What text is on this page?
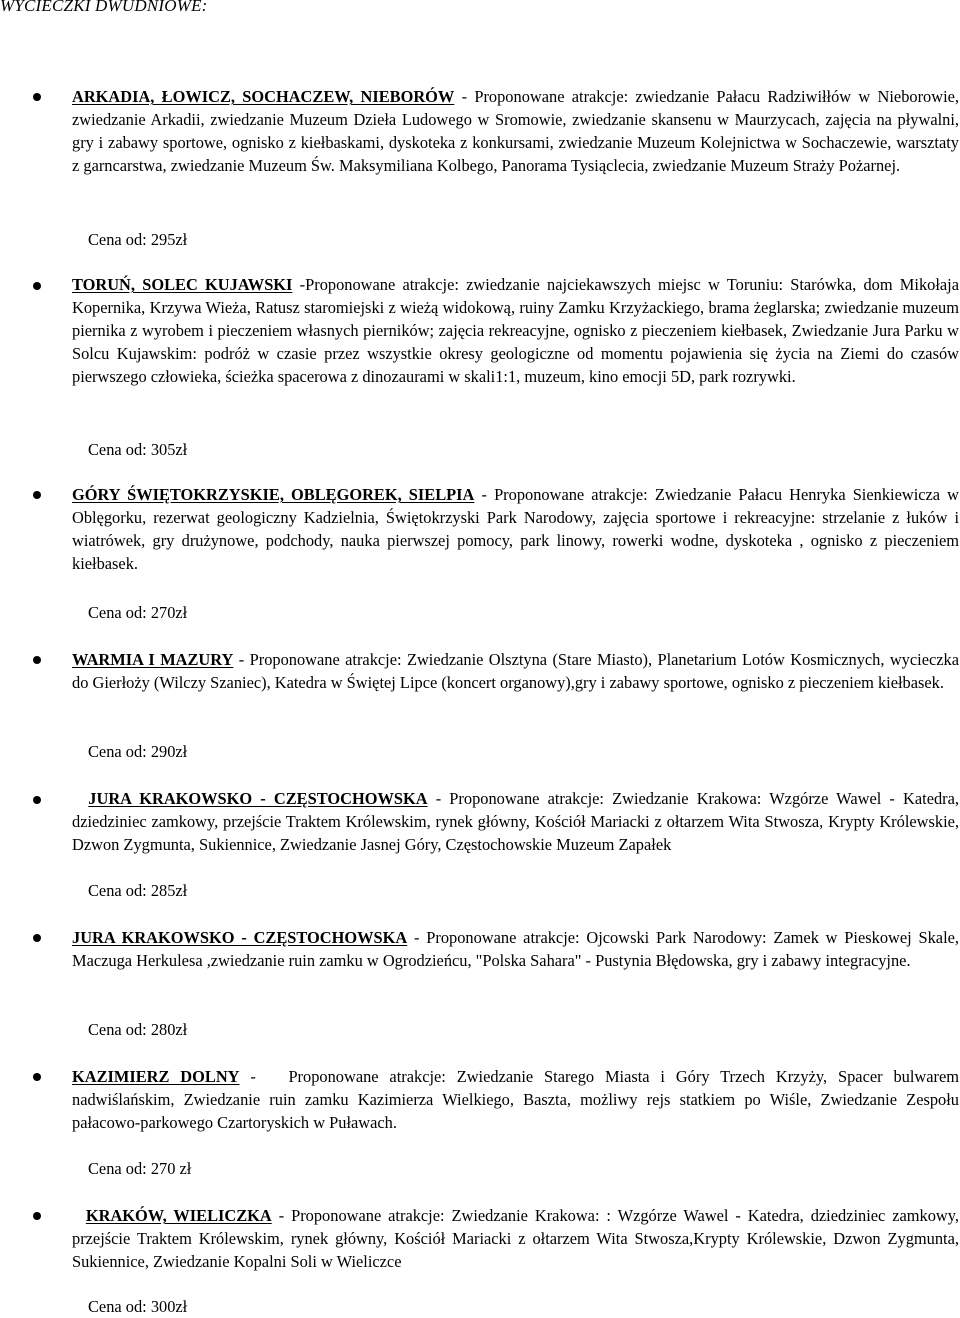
WYCIECZKI DWUDNIOWE:
ARKADIA, ŁOWICZ, SOCHACZEW, NIEBORÓW - Proponowane atrakcje: zwiedzanie Pałacu Radziwiłłów w Nieborowie, zwiedzanie Arkadii, zwiedzanie Muzeum Dzieła Ludowego w Sromowie, zwiedzanie skansenu w Maurzycach, zajęcia na pływalni, gry i zabawy sportowe, ognisko z kiełbaskami, dyskoteka z konkursami, zwiedzanie Muzeum Kolejnictwa w Sochaczewie, warsztaty z garncarstwa, zwiedzanie Muzeum Św. Maksymiliana Kolbego, Panorama Tysiąclecia, zwiedzanie Muzeum Straży Pożarnej.
Cena od: 295zł
TORUŃ, SOLEC KUJAWSKI -Proponowane atrakcje: zwiedzanie najciekawszych miejsc w Toruniu: Starówka, dom Mikołaja Kopernika, Krzywa Wieża, Ratusz staromiejski z wieżą widokową, ruiny Zamku Krzyżackiego, brama żeglarska; zwiedzanie muzeum piernika z wyrobem i pieczeniem własnych pierników; zajęcia rekreacyjne, ognisko z pieczeniem kiełbasek, Zwiedzanie Jura Parku w Solcu Kujawskim: podróż w czasie przez wszystkie okresy geologiczne od momentu pojawienia się życia na Ziemi do czasów pierwszego człowieka, ścieżka spacerowa z dinozaurami w skali1:1, muzeum, kino emocji 5D, park rozrywki.
Cena od: 305zł
GÓRY ŚWIĘTOKRZYSKIE, OBLĘGOREK, SIELPIA - Proponowane atrakcje: Zwiedzanie Pałacu Henryka Sienkiewicza w Oblęgorku, rezerwat geologiczny Kadzielnia, Świętokrzyski Park Narodowy, zajęcia sportowe i rekreacyjne: strzelanie z łuków i wiatrówek, gry drużynowe, podchody, nauka pierwszej pomocy, park linowy, rowerki wodne, dyskoteka , ognisko z pieczeniem kiełbasek.
Cena od: 270zł
WARMIA I MAZURY - Proponowane atrakcje: Zwiedzanie Olsztyna (Stare Miasto), Planetarium Lotów Kosmicznych, wycieczka do Gierłoży (Wilczy Szaniec), Katedra w Świętej Lipce (koncert organowy),gry i zabawy sportowe, ognisko z pieczeniem kiełbasek.
Cena od: 290zł
JURA KRAKOWSKO - CZĘSTOCHOWSKA - Proponowane atrakcje: Zwiedzanie Krakowa: Wzgórze Wawel - Katedra, dziedziniec zamkowy, przejście Traktem Królewskim, rynek główny, Kościół Mariacki z ołtarzem Wita Stwosza, Krypty Królewskie, Dzwon Zygmunta, Sukiennice, Zwiedzanie Jasnej Góry, Częstochowskie Muzeum Zapałek
Cena od: 285zł
JURA KRAKOWSKO - CZĘSTOCHOWSKA - Proponowane atrakcje: Ojcowski Park Narodowy: Zamek w Pieskowej Skale, Maczuga Herkulesa ,zwiedzanie ruin zamku w Ogrodzieńcu, "Polska Sahara" - Pustynia Błędowska, gry i zabawy integracyjne.
Cena od: 280zł
KAZIMIERZ DOLNY -   Proponowane atrakcje: Zwiedzanie Starego Miasta i Góry Trzech Krzyży, Spacer bulwarem nadwiślańskim, Zwiedzanie ruin zamku Kazimierza Wielkiego, Baszta, możliwy rejs statkiem po Wiśle, Zwiedzanie Zespołu pałacowo-parkowego Czartoryskich w Puławach.
Cena od: 270 zł
KRAKÓW, WIELICZKA - Proponowane atrakcje: Zwiedzanie Krakowa: : Wzgórze Wawel - Katedra, dziedziniec zamkowy, przejście Traktem Królewskim, rynek główny, Kościół Mariacki z ołtarzem Wita Stwosza,Krypty Królewskie, Dzwon Zygmunta, Sukiennice, Zwiedzanie Kopalni Soli w Wieliczce
Cena od: 300zł
